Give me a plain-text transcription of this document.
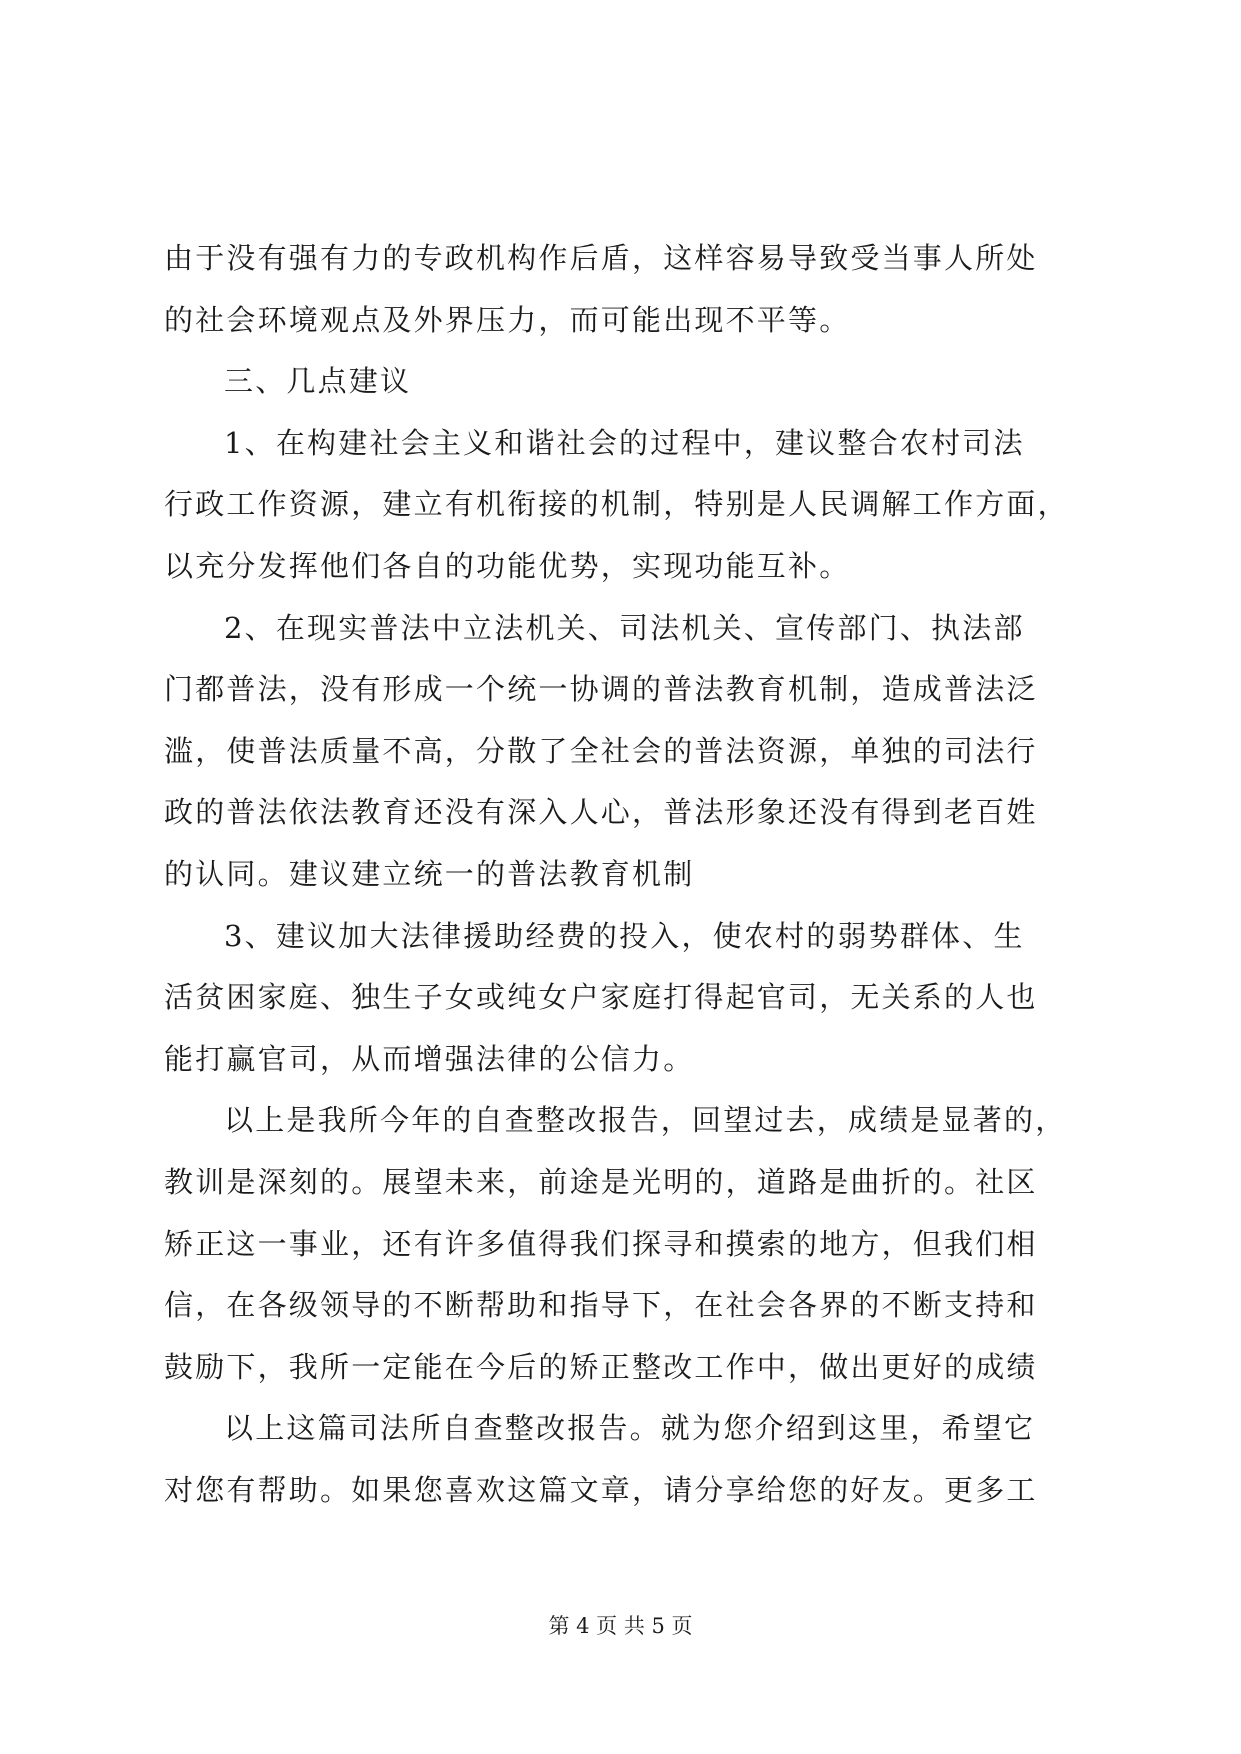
由于没有强有力的专政机构作后盾，这样容易导致受当事人所处
的社会环境观点及外界压力，而可能出现不平等。
三、几点建议
1、在构建社会主义和谐社会的过程中，建议整合农村司法
行政工作资源，建立有机衔接的机制，特别是人民调解工作方面，
以充分发挥他们各自的功能优势，实现功能互补。
2、在现实普法中立法机关、司法机关、宣传部门、执法部
门都普法，没有形成一个统一协调的普法教育机制，造成普法泛
滥，使普法质量不高，分散了全社会的普法资源，单独的司法行
政的普法依法教育还没有深入人心，普法形象还没有得到老百姓
的认同。建议建立统一的普法教育机制
3、建议加大法律援助经费的投入，使农村的弱势群体、生
活贫困家庭、独生子女或纯女户家庭打得起官司，无关系的人也
能打赢官司，从而增强法律的公信力。
以上是我所今年的自查整改报告，回望过去，成绩是显著的，
教训是深刻的。展望未来，前途是光明的，道路是曲折的。社区
矫正这一事业，还有许多值得我们探寻和摸索的地方，但我们相
信，在各级领导的不断帮助和指导下，在社会各界的不断支持和
鼓励下，我所一定能在今后的矫正整改工作中，做出更好的成绩
以上这篇司法所自查整改报告。就为您介绍到这里，希望它
对您有帮助。如果您喜欢这篇文章，请分享给您的好友。更多工
第 4 页 共 5 页
